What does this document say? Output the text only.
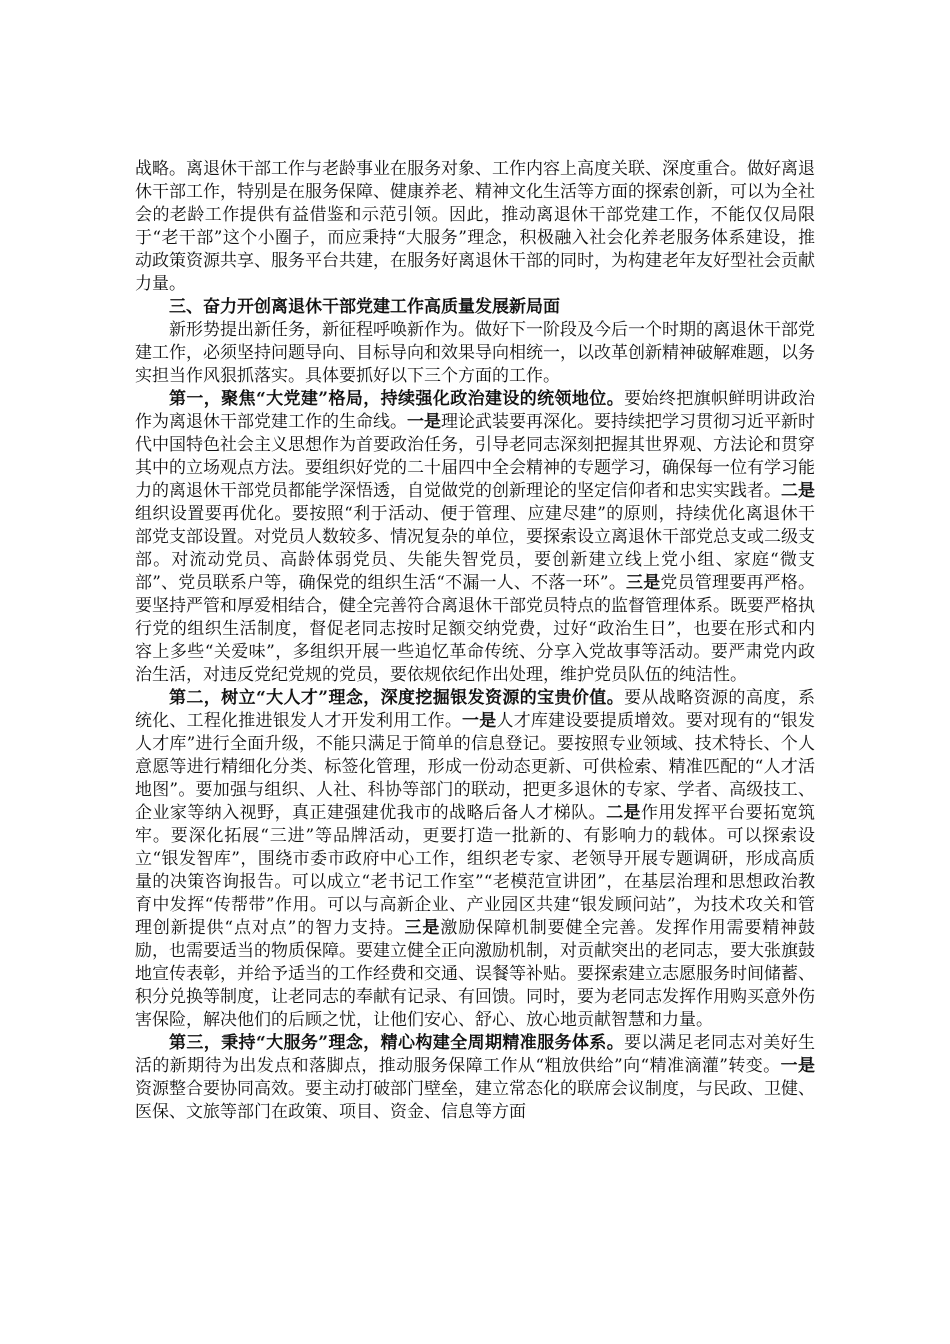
战略。离退休干部工作与老龄事业在服务对象、工作内容上高度关联、深度重合。做好离退休干部工作，特别是在服务保障、健康养老、精神文化生活等方面的探索创新，可以为全社会的老龄工作提供有益借鉴和示范引领。因此，推动离退休干部党建工作，不能仅仅局限于“老干部”这个小圈子，而应秉持“大服务”理念，积极融入社会化养老服务体系建设，推动政策资源共享、服务平台共建，在服务好离退休干部的同时，为构建老年友好型社会贡献力量。

三、奋力开创离退休干部党建工作高质量发展新局面

新形势提出新任务，新征程呼唤新作为。做好下一阶段及今后一个时期的离退休干部党建工作，必须坚持问题导向、目标导向和效果导向相统一，以改革创新精神破解难题，以务实担当作风狠抓落实。具体要抓好以下三个方面的工作。

第一，聚焦“大党建”格局，持续强化政治建设的统领地位。要始终把旗帜鲜明讲政治作为离退休干部党建工作的生命线。一是理论武装要再深化。要持续把学习贯彻习近平新时代中国特色社会主义思想作为首要政治任务，引导老同志深刻把握其世界观、方法论和贯穿其中的立场观点方法。要组织好党的二十届四中全会精神的专题学习，确保每一位有学习能力的离退休干部党员都能学深悟透，自觉做党的创新理论的坚定信仰者和忠实实践者。二是组织设置要再优化。要按照“利于活动、便于管理、应建尽建”的原则，持续优化离退休干部党支部设置。对党员人数较多、情况复杂的单位，要探索设立离退休干部党总支或二级支部。对流动党员、高龄体弱党员、失能失智党员，要创新建立线上党小组、家庭“微支部”、党员联系户等，确保党的组织生活“不漏一人、不落一环”。三是党员管理要再严格。要坚持严管和厚爱相结合，健全完善符合离退休干部党员特点的监督管理体系。既要严格执行党的组织生活制度，督促老同志按时足额交纳党费，过好“政治生日”，也要在形式和内容上多些“关爱味”，多组织开展一些追忆革命传统、分享入党故事等活动。要严肃党内政治生活，对违反党纪党规的党员，要依规依纪作出处理，维护党员队伍的纯洁性。

第二，树立“大人才”理念，深度挖掘银发资源的宝贵价值。要从战略资源的高度，系统化、工程化推进银发人才开发利用工作。一是人才库建设要提质增效。要对现有的“银发人才库”进行全面升级，不能只满足于简单的信息登记。要按照专业领域、技术特长、个人意愿等进行精细化分类、标签化管理，形成一份动态更新、可供检索、精准匹配的“人才活地图”。要加强与组织、人社、科协等部门的联动，把更多退休的专家、学者、高级技工、企业家等纳入视野，真正建强建优我市的战略后备人才梯队。二是作用发挥平台要拓宽筑牢。要深化拓展“三进”等品牌活动，更要打造一批新的、有影响力的载体。可以探索设立“银发智库”，围绕市委市政府中心工作，组织老专家、老领导开展专题调研，形成高质量的决策咨询报告。可以成立“老书记工作室”“老模范宣讲团”，在基层治理和思想政治教育中发挥“传帮带”作用。可以与高新企业、产业园区共建“银发顾问站”，为技术攻关和管理创新提供“点对点”的智力支持。三是激励保障机制要健全完善。发挥作用需要精神鼓励，也需要适当的物质保障。要建立健全正向激励机制，对贡献突出的老同志，要大张旗鼓地宣传表彰，并给予适当的工作经费和交通、误餐等补贴。要探索建立志愿服务时间储蓄、积分兑换等制度，让老同志的奉献有记录、有回馈。同时，要为老同志发挥作用购买意外伤害保险，解决他们的后顾之忧，让他们安心、舒心、放心地贡献智慧和力量。

第三，秉持“大服务”理念，精心构建全周期精准服务体系。要以满足老同志对美好生活的新期待为出发点和落脚点，推动服务保障工作从“粗放供给”向“精准滴灌”转变。一是资源整合要协同高效。要主动打破部门壁垒，建立常态化的联席会议制度，与民政、卫健、医保、文旅等部门在政策、项目、资金、信息等方面
